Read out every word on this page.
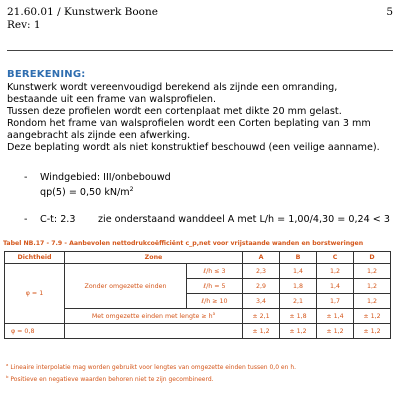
21.60.01 / Kunstwerk Boone
Rev: 1
5
BEREKENING:

Kunstwerk wordt vereenvoudigd berekend als zijnde een omranding,

bestaande uit een frame van walsprofielen.

Tussen deze profielen wordt een cortenplaat met dikte 20 mm gelast.

Rondom het frame van walsprofielen wordt een Corten beplating van 3 mm

aangebracht als zijnde een afwerking.

Deze beplating wordt als niet konstruktief beschouwd (een veilige aanname).

- Windgebied: III/onbebouwd
qp(5) = 0,50 $kN/m^2$
- C-t: 2.3 zie onderstaand wanddeel A met L/h = 1,00/4,30 = 0,24 < 3
Tabel NB.17 - 7.9 - Aanbevolen nettodrukcoëfficiënt c_p,net voor vrijstaande wanden en borstweringen
Dichtheid	Zone		A	B	C	D
φ = 1	Zonder omgezette einden	ℓ/h ≤ 3	2,3	1,4	1,2	1,2
		ℓ/h = 5	2,9	1,8	1,4	1,2
		ℓ/h ≥ 10	3,4	2,1	1,7	1,2
	Met omgezette einden met lengte ≥ $h^a$		± 2,1	± 1,8	± 1,4	± 1,2
φ = 0,8			± 1,2	± 1,2	± 1,2	± 1,2
$^a$ Lineaire interpolatie mag worden gebruikt voor lengtes van omgezette einden tussen 0,0 en h.
$^b$ Positieve en negatieve waarden behoren niet te zijn gecombineerd.
